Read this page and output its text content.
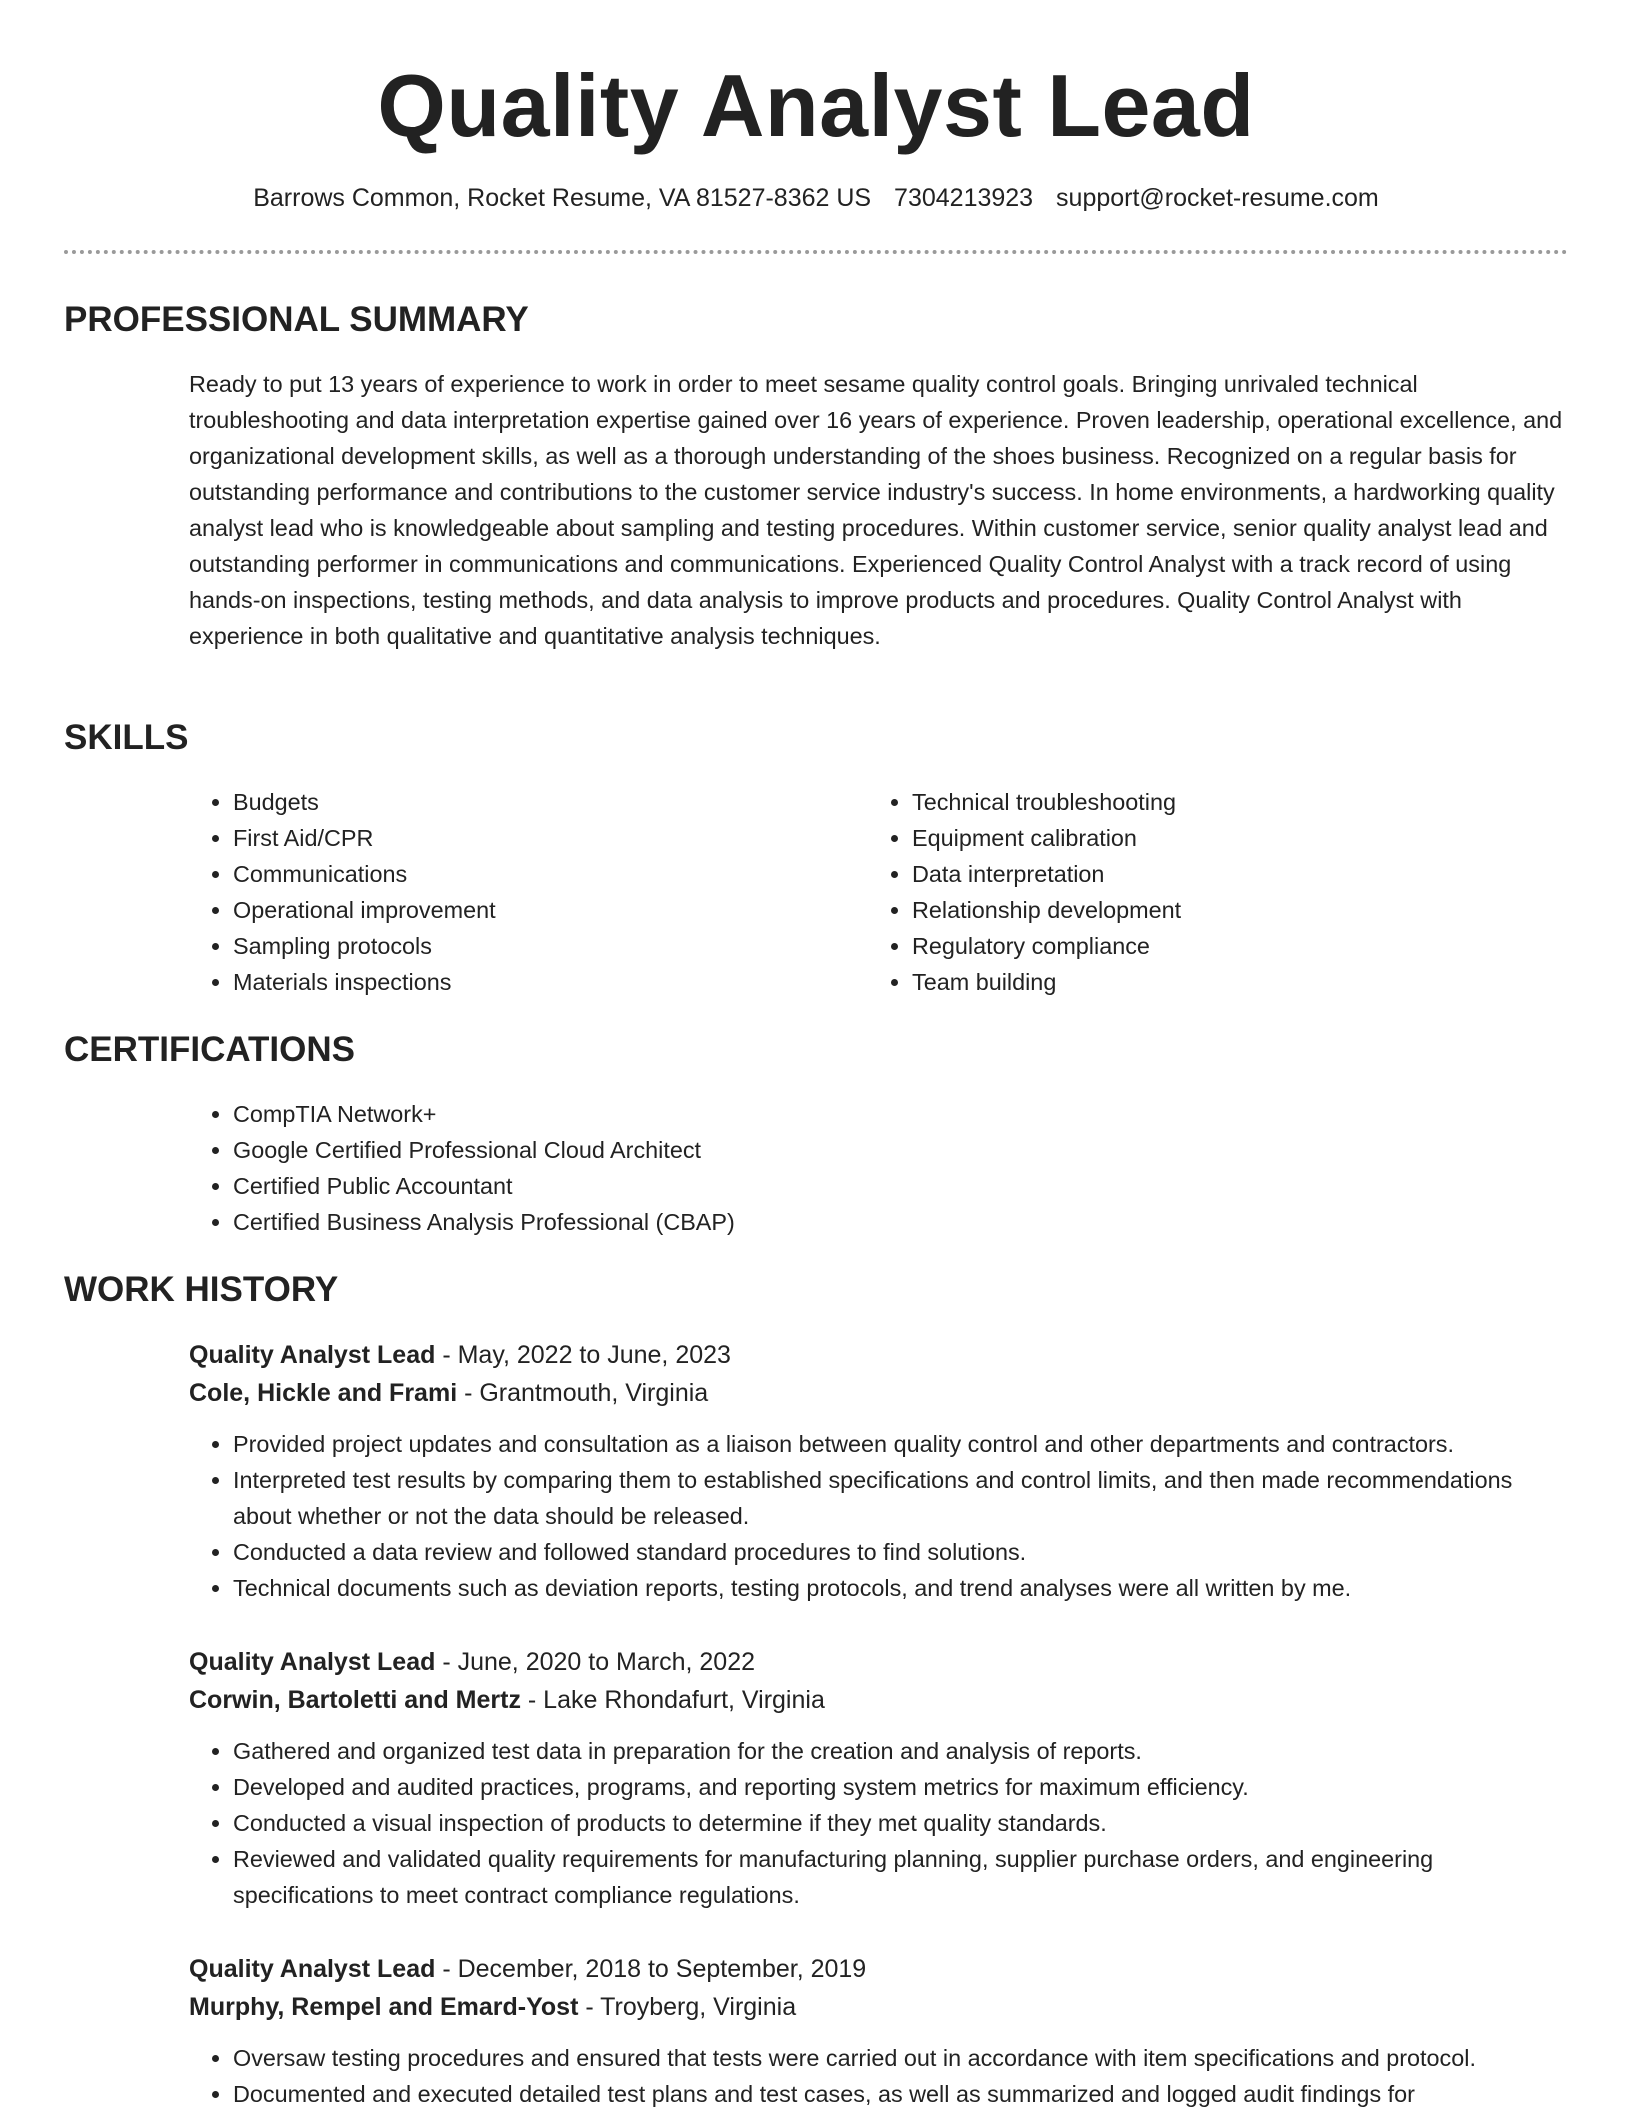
Quality Analyst Lead
Barrows Common, Rocket Resume, VA 81527-8362 US 7304213923 support@rocket-resume.com
PROFESSIONAL SUMMARY

Ready to put 13 years of experience to work in order to meet sesame quality control goals. Bringing unrivaled technical troubleshooting and data interpretation expertise gained over 16 years of experience. Proven leadership, operational excellence, and organizational development skills, as well as a thorough understanding of the shoes business. Recognized on a regular basis for outstanding performance and contributions to the customer service industry's success. In home environments, a hardworking quality analyst lead who is knowledgeable about sampling and testing procedures. Within customer service, senior quality analyst lead and outstanding performer in communications and communications. Experienced Quality Control Analyst with a track record of using hands-on inspections, testing methods, and data analysis to improve products and procedures. Quality Control Analyst with experience in both qualitative and quantitative analysis techniques.

SKILLS
• Budgets
• First Aid/CPR
• Communications
• Operational improvement
• Sampling protocols
• Materials inspections
• Technical troubleshooting
• Equipment calibration
• Data interpretation
• Relationship development
• Regulatory compliance
• Team building
CERTIFICATIONS
• CompTIA Network+
• Google Certified Professional Cloud Architect
• Certified Public Accountant
• Certified Business Analysis Professional (CBAP)
WORK HISTORY

Quality Analyst Lead - May, 2022 to June, 2023

Cole, Hickle and Frami - Grantmouth, Virginia

• Provided project updates and consultation as a liaison between quality control and other departments and contractors.
• Interpreted test results by comparing them to established specifications and control limits, and then made recommendations about whether or not the data should be released.
• Conducted a data review and followed standard procedures to find solutions.
• Technical documents such as deviation reports, testing protocols, and trend analyses were all written by me.

Quality Analyst Lead - June, 2020 to March, 2022

Corwin, Bartoletti and Mertz - Lake Rhondafurt, Virginia

• Gathered and organized test data in preparation for the creation and analysis of reports.
• Developed and audited practices, programs, and reporting system metrics for maximum efficiency.
• Conducted a visual inspection of products to determine if they met quality standards.
• Reviewed and validated quality requirements for manufacturing planning, supplier purchase orders, and engineering specifications to meet contract compliance regulations.

Quality Analyst Lead - December, 2018 to September, 2019

Murphy, Rempel and Emard-Yost - Troyberg, Virginia

• Oversaw testing procedures and ensured that tests were carried out in accordance with item specifications and protocol.
• Documented and executed detailed test plans and test cases, as well as summarized and logged audit findings for
